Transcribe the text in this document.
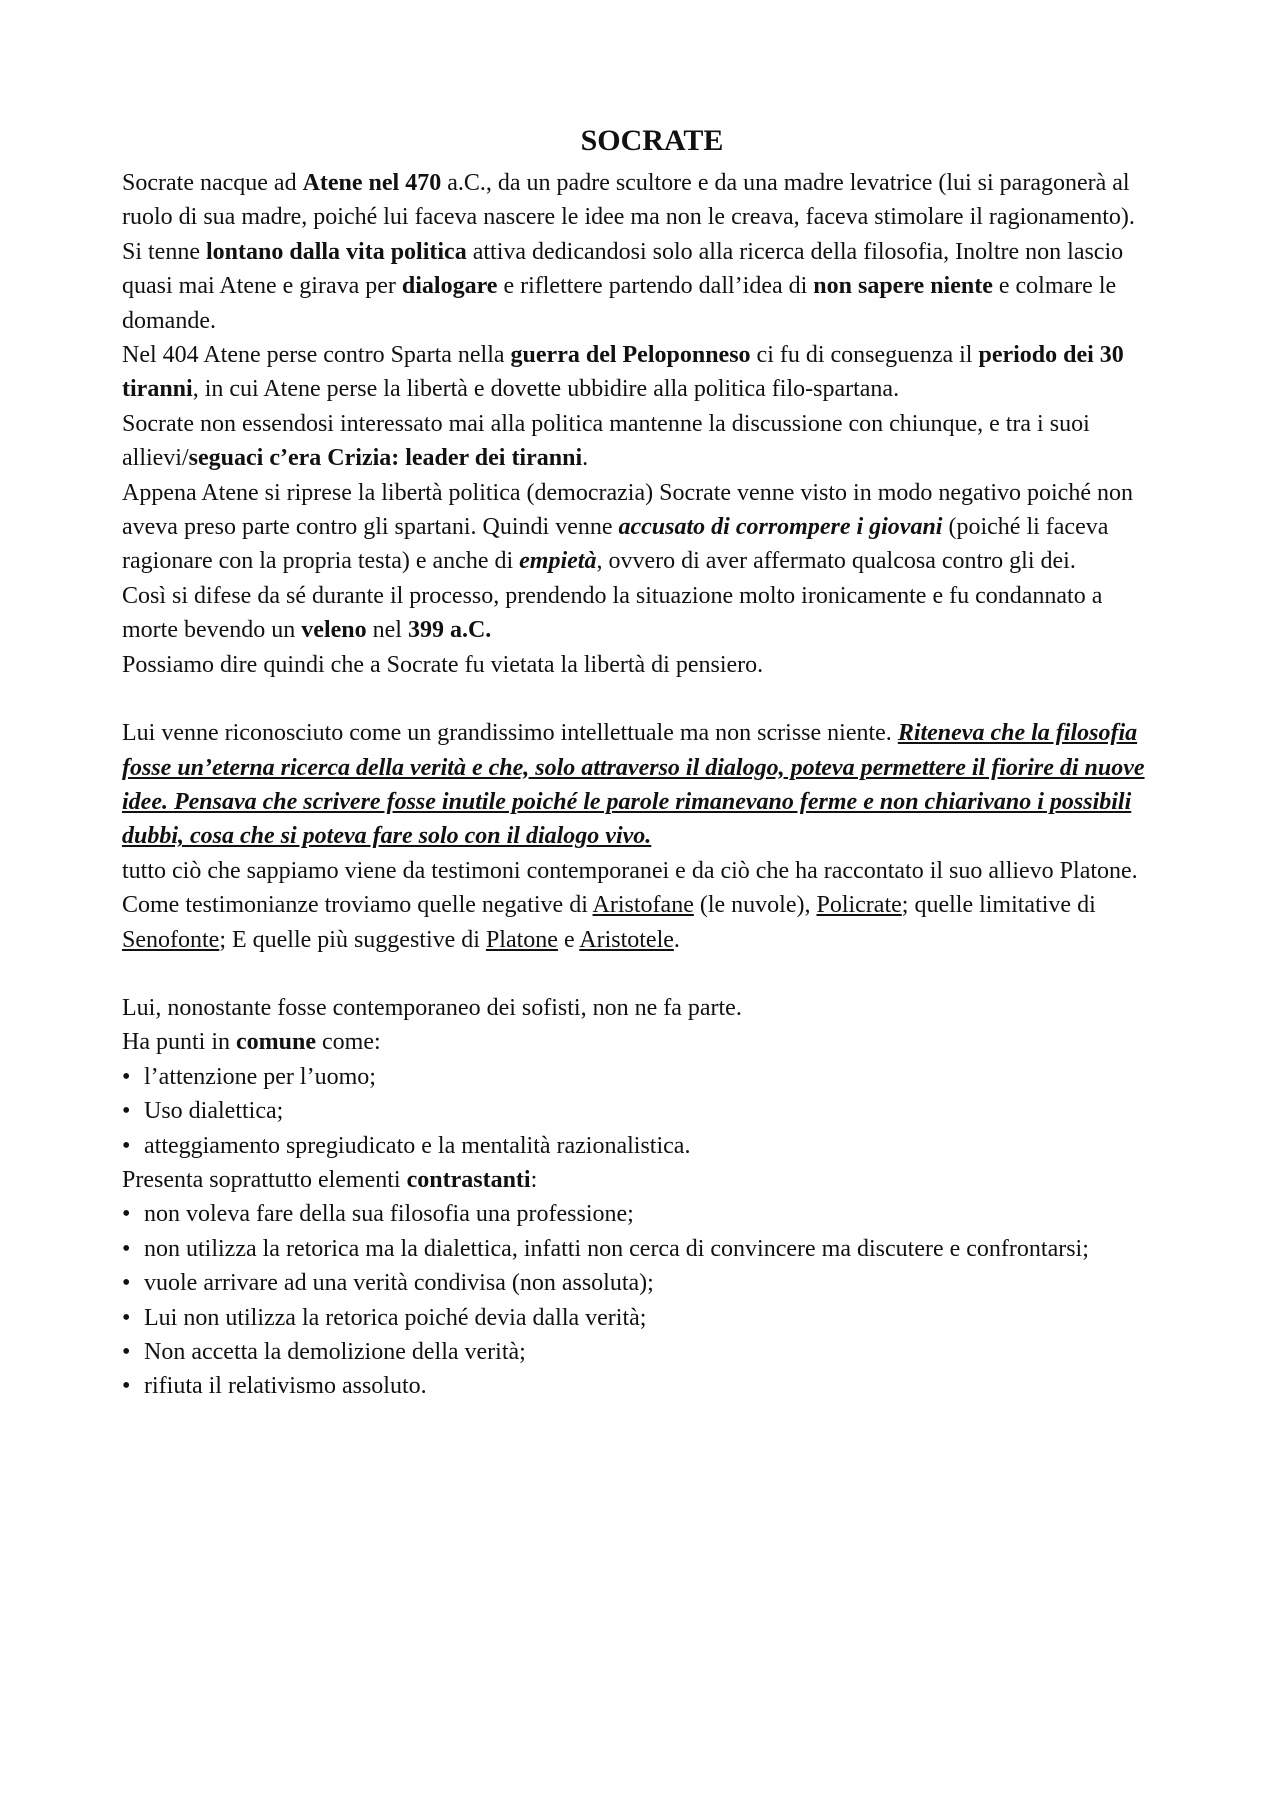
SOCRATE

Socrate nacque ad Atene nel 470 a.C., da un padre scultore e da una madre levatrice (lui si paragonerà al ruolo di sua madre, poiché lui faceva nascere le idee ma non le creava, faceva stimolare il ragionamento).

Si tenne lontano dalla vita politica attiva dedicandosi solo alla ricerca della filosofia, Inoltre non lascio quasi mai Atene e girava per dialogare e riflettere partendo dall’idea di non sapere niente e colmare le domande.

Nel 404 Atene perse contro Sparta nella guerra del Peloponneso ci fu di conseguenza il periodo dei 30 tiranni, in cui Atene perse la libertà e dovette ubbidire alla politica filo-spartana.

Socrate non essendosi interessato mai alla politica mantenne la discussione con chiunque, e tra i suoi allievi/seguaci c’era Crizia: leader dei tiranni.

Appena Atene si riprese la libertà politica (democrazia) Socrate venne visto in modo negativo poiché non aveva preso parte contro gli spartani. Quindi venne accusato di corrompere i giovani (poiché li faceva ragionare con la propria testa) e anche di empietà, ovvero di aver affermato qualcosa contro gli dei.

Così si difese da sé durante il processo, prendendo la situazione molto ironicamente e fu condannato a morte bevendo un veleno nel 399 a.C.

Possiamo dire quindi che a Socrate fu vietata la libertà di pensiero.

Lui venne riconosciuto come un grandissimo intellettuale ma non scrisse niente. Riteneva che la filosofia fosse un’eterna ricerca della verità e che, solo attraverso il dialogo, poteva permettere il fiorire di nuove idee. Pensava che scrivere fosse inutile poiché le parole rimanevano ferme e non chiarivano i possibili dubbi, cosa che si poteva fare solo con il dialogo vivo.

tutto ciò che sappiamo viene da testimoni contemporanei e da ciò che ha raccontato il suo allievo Platone.

Come testimonianze troviamo quelle negative di Aristofane (le nuvole), Policrate; quelle limitative di Senofonte; E quelle più suggestive di Platone e Aristotele.

Lui, nonostante fosse contemporaneo dei sofisti, non ne fa parte.

Ha punti in comune come:

• l’attenzione per l’uomo;
• Uso dialettica;
• atteggiamento spregiudicato e la mentalità razionalistica.

Presenta soprattutto elementi contrastanti:

• non voleva fare della sua filosofia una professione;
• non utilizza la retorica ma la dialettica, infatti non cerca di convincere ma discutere e confrontarsi;
• vuole arrivare ad una verità condivisa (non assoluta);
• Lui non utilizza la retorica poiché devia dalla verità;
• Non accetta la demolizione della verità;
• rifiuta il relativismo assoluto.
